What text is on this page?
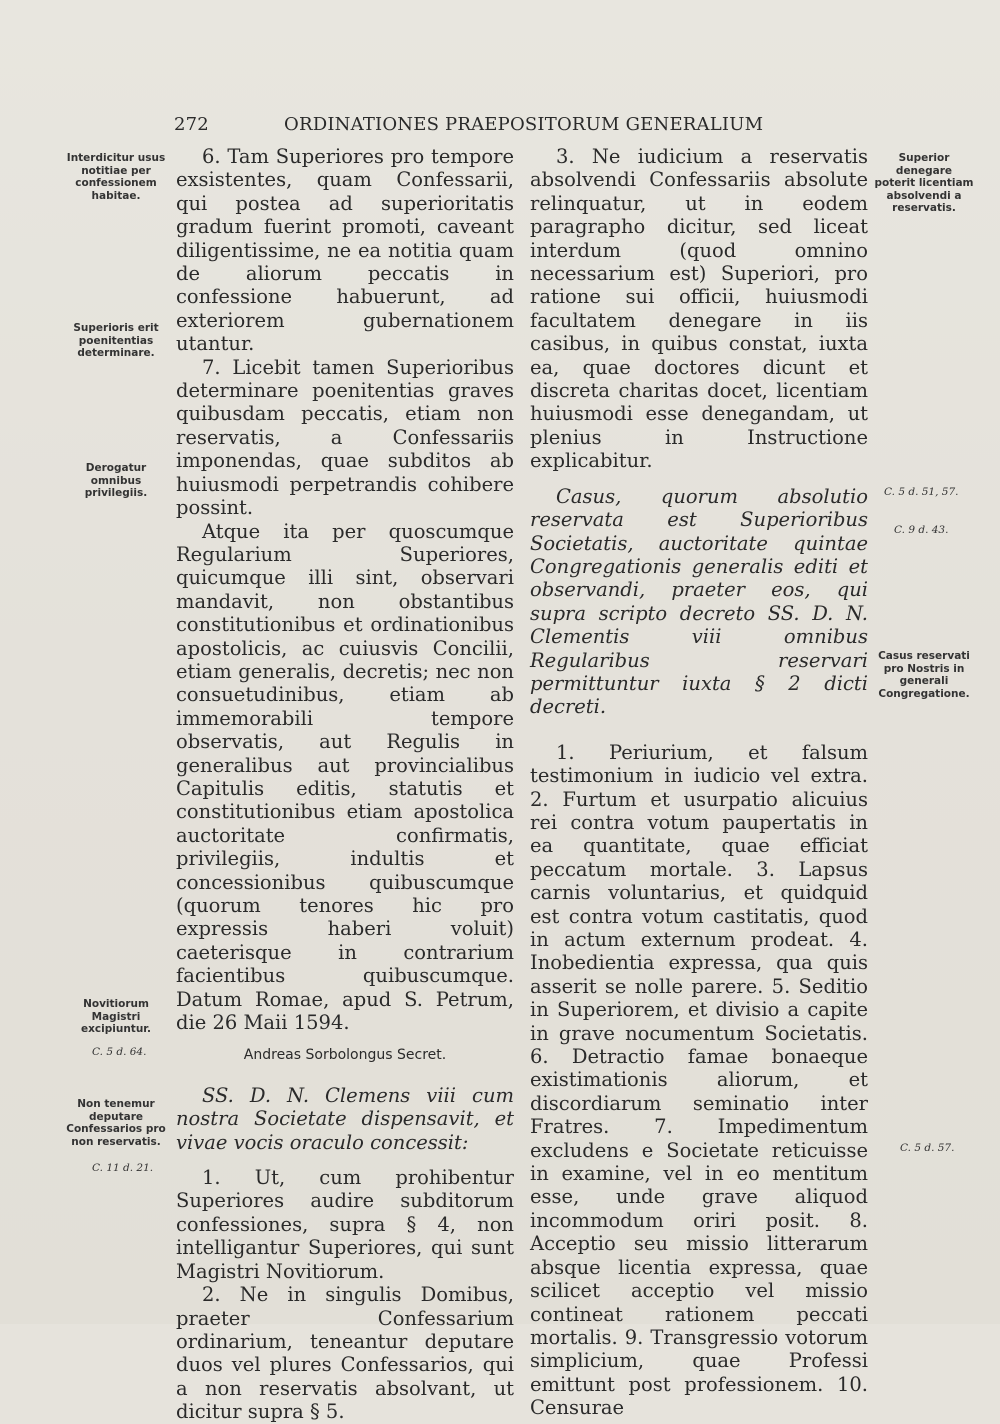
272	ORDINATIONES PRAEPOSITORUM GENERALIUM
Interdicitur usus notitiae per confessionem habitae.
Superioris erit poenitentias determinare.
Derogatur omnibus privilegiis.
Novitiorum Magistri excipiuntur.
C. 5 d. 64.
Non tenemur deputare Confessarios pro non reservatis.
C. 11 d. 21.
Superior denegare poterit licentiam absolvendi a reservatis.
C. 5 d. 51, 57.
C. 9 d. 43.
Casus reservati pro Nostris in generali Congregatione.
C. 5 d. 57.

6. Tam Superiores pro tempore exsistentes, quam Confessarii, qui postea ad superioritatis gradum fuerint promoti, caveant diligentissime, ne ea notitia quam de aliorum peccatis in confessione habuerunt, ad exteriorem gubernationem utantur.

7. Licebit tamen Superioribus determinare poenitentias graves quibusdam peccatis, etiam non reservatis, a Confessariis imponendas, quae subditos ab huiusmodi perpetrandis cohibere possint.

Atque ita per quoscumque Regularium Superiores, quicumque illi sint, observari mandavit, non obstantibus constitutionibus et ordinationibus apostolicis, ac cuiusvis Concilii, etiam generalis, decretis; nec non consuetudinibus, etiam ab immemorabili tempore observatis, aut Regulis in generalibus aut provincialibus Capitulis editis, statutis et constitutionibus etiam apostolica auctoritate confirmatis, privilegiis, indultis et concessionibus quibuscumque (quorum tenores hic pro expressis haberi voluit) caeterisque in contrarium facientibus quibuscumque. Datum Romae, apud S. Petrum, die 26 Maii 1594.

Andreas Sorbolongus Secret.

SS. D. N. Clemens viii cum nostra Societate dispensavit, et vivae vocis oraculo concessit:

1. Ut, cum prohibentur Superiores audire subditorum confessiones, supra § 4, non intelligantur Superiores, qui sunt Magistri Novitiorum.

2. Ne in singulis Domibus, praeter Confessarium ordinarium, teneantur deputare duos vel plures Confessarios, qui a non reservatis absolvant, ut dicitur supra § 5.

3. Ne iudicium a reservatis absolvendi Confessariis absolute relinquatur, ut in eodem paragrapho dicitur, sed liceat interdum (quod omnino necessarium est) Superiori, pro ratione sui officii, huiusmodi facultatem denegare in iis casibus, in quibus constat, iuxta ea, quae doctores dicunt et discreta charitas docet, licentiam huiusmodi esse denegandam, ut plenius in Instructione explicabitur.

Casus, quorum absolutio reservata est Superioribus Societatis, auctoritate quintae Congregationis generalis editi et observandi, praeter eos, qui supra scripto decreto SS. D. N. Clementis viii omnibus Regularibus reservari permittuntur iuxta § 2 dicti decreti.

1. Periurium, et falsum testimonium in iudicio vel extra. 2. Furtum et usurpatio alicuius rei contra votum paupertatis in ea quantitate, quae efficiat peccatum mortale. 3. Lapsus carnis voluntarius, et quidquid est contra votum castitatis, quod in actum externum prodeat. 4. Inobedientia expressa, qua quis asserit se nolle parere. 5. Seditio in Superiorem, et divisio a capite in grave nocumentum Societatis. 6. Detractio famae bonaeque existimationis aliorum, et discordiarum seminatio inter Fratres. 7. Impedimentum excludens e Societate reticuisse in examine, vel in eo mentitum esse, unde grave aliquod incommodum oriri posit. 8. Acceptio seu missio litterarum absque licentia expressa, quae scilicet acceptio vel missio contineat rationem peccati mortalis. 9. Transgressio votorum simplicium, quae Professi emittunt post professionem. 10. Censurae
